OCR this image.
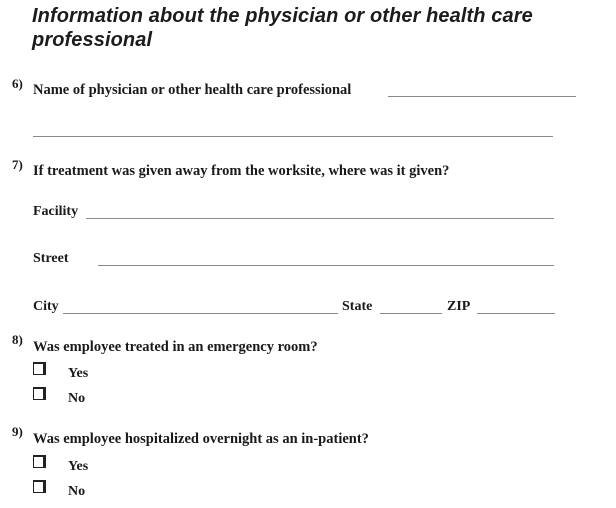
Information about the physician or other health care professional
6) Name of physician or other health care professional
7) If treatment was given away from the worksite, where was it given?
Facility
Street
City	State	ZIP
8) Was employee treated in an emergency room?
Yes
No
9) Was employee hospitalized overnight as an in-patient?
Yes
No
